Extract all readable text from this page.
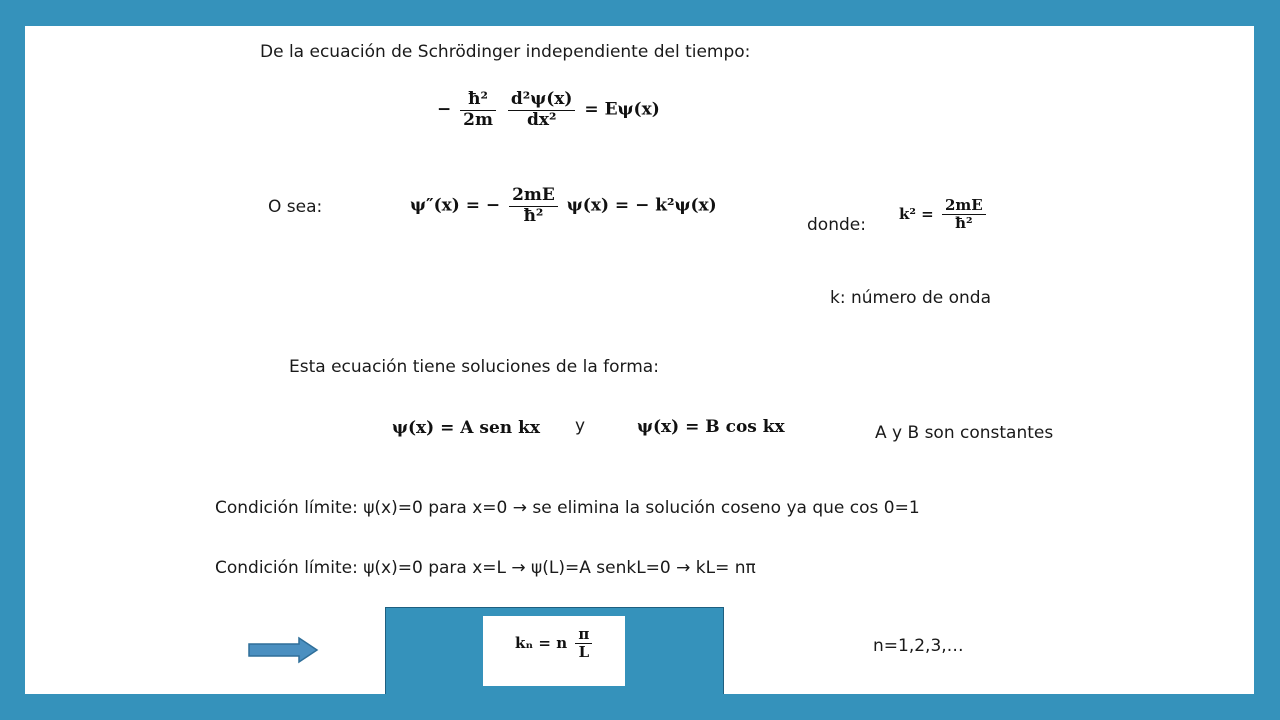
De la ecuación de Schrödinger independiente del tiempo:
− $\frac{\text{ħ²}}{2m}$
$\frac{\text{d²ψ(x)}}{\text{dx²}} = E\psi(x)$
O sea:	ψ″(x) = − $\frac{2mE}{\text{ħ²}} \psi(x)$ = − k²ψ(x)
donde:
$k^2 = \frac{2mE}{\text{ħ²}}$
k: número de onda
Esta ecuación tiene soluciones de la forma:
ψ(x) = A sen kx y	ψ(x) = B cos kx	A y B son constantes
Condición límite: ψ(x)=0 para x=0 → se elimina la solución coseno ya que cos 0=1
Condición límite: ψ(x)=0 para x=L → ψ(L)=A senkL=0 → kL= nπ
kₙ = n $\frac{\pi}{L}$	n=1,2,3,…
